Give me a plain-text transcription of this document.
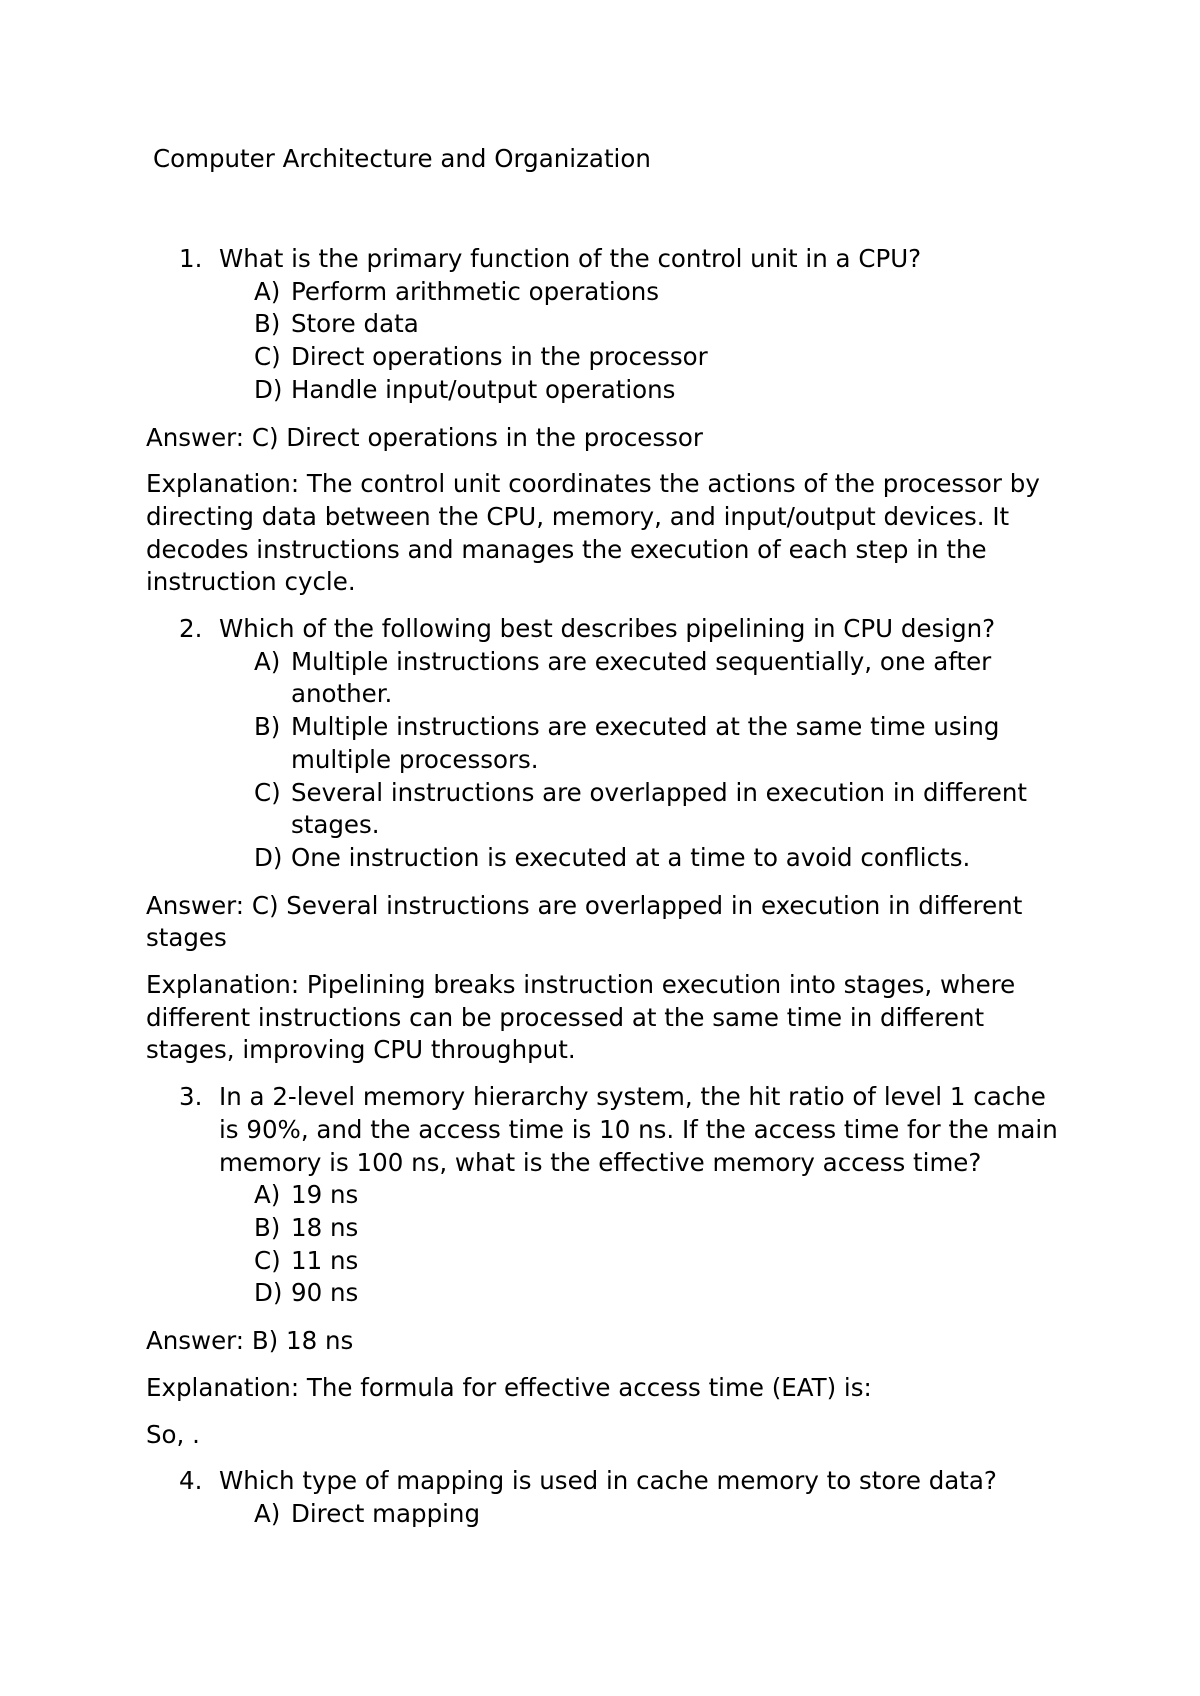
Computer Architecture and Organization
1. What is the primary function of the control unit in a CPU?
A) Perform arithmetic operations
B) Store data
C) Direct operations in the processor
D) Handle input/output operations
Answer: C) Direct operations in the processor
Explanation: The control unit coordinates the actions of the processor by directing data between the CPU, memory, and input/output devices. It decodes instructions and manages the execution of each step in the instruction cycle.
2. Which of the following best describes pipelining in CPU design?
A) Multiple instructions are executed sequentially, one after another.
B) Multiple instructions are executed at the same time using multiple processors.
C) Several instructions are overlapped in execution in different stages.
D) One instruction is executed at a time to avoid conflicts.
Answer: C) Several instructions are overlapped in execution in different stages
Explanation: Pipelining breaks instruction execution into stages, where different instructions can be processed at the same time in different stages, improving CPU throughput.
3. In a 2-level memory hierarchy system, the hit ratio of level 1 cache is 90%, and the access time is 10 ns. If the access time for the main memory is 100 ns, what is the effective memory access time?
A) 19 ns
B) 18 ns
C) 11 ns
D) 90 ns
Answer: B) 18 ns
Explanation: The formula for effective access time (EAT) is:
So, .
4. Which type of mapping is used in cache memory to store data?
A) Direct mapping
